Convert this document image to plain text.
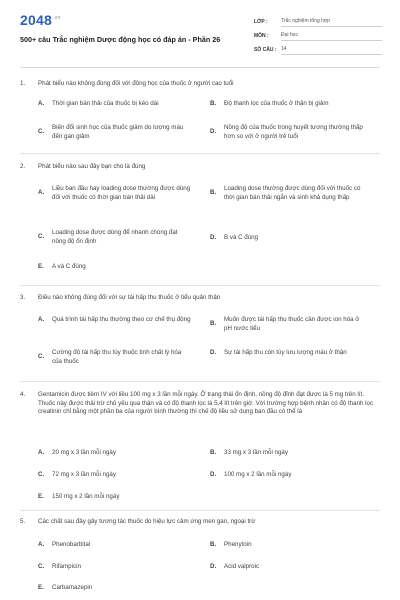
$2048^{.vn}$
500+ câu Trắc nghiệm Dược động học có đáp án - Phần 26
LỚP :	Trắc nghiệm tổng hợp
MÔN :	Đại học
SỐ CÂU : 14
1. Phát biểu nào không đúng đối với động học của thuốc ở người cao tuổi
A.	Thời gian bán thải của thuốc bị kéo dài	B.	Độ thanh lọc của thuốc ở thận bị giảm
C.
Biến đổi sinh học của thuốc giảm do lượng máu đến gan giảm
D.
Nồng độ của thuốc trong huyết tương thường thấp hơn so với ở người trẻ tuổi
2. Phát biểu nào sau đây bạn cho là đúng
A.
Liều ban đầu hay loading dose thường được dùng đối với thuốc có thời gian bán thải dài
B.
Loading dose thường được dùng đối với thuốc có thời gian bán thải ngắn và sinh khả dụng thấp
C.
Loading dose được dùng để nhanh chóng đạt nồng độ ổn định
D.	B và C đúng
E.	A và C đúng
3. Điều nào không đúng đối với sự tái hấp thu thuốc ở tiểu quản thận
A.	Quá trình tái hấp thu thường theo cơ chế thụ động
B.
Muốn được tái hấp thu thuốc cần được ion hóa ở pH nước tiểu
C.
Cường độ tái hấp thu tùy thuộc tính chất lý hóa của thuốc
D.	Sự tái hấp thu còn tùy lưu lượng máu ở thận
4. Gentamicin được tiêm IV với liều 100 mg x 3 lần mỗi ngày. Ở trạng thái ổn định, nồng độ đỉnh đạt được là 5 mg trên lít. Thuốc này được thải trừ chủ yếu qua thận và có độ thanh lọc là 5,4 lít trên giờ. Với trường hợp bệnh nhân có độ thanh lọc creatinin chỉ bằng một phần ba của người bình thường thì chế độ liều sử dụng ban đầu có thể là
A.	20 mg x 3 lần mỗi ngày	B.	33 mg x 3 lần mỗi ngày
C.	72 mg x 3 lần mỗi ngày	D.	100 mg x 2 lần mỗi ngày
E.	150 mg x 2 lần mỗi ngày
5. Các chất sau đây gây tương tác thuốc do hiệu lực cảm ứng men gan, ngoại trừ
A.	Phenobarbital	B.	Phenytoin
C.	Rifampicin	D.	Acid valproic
E.	Carbamazepin
